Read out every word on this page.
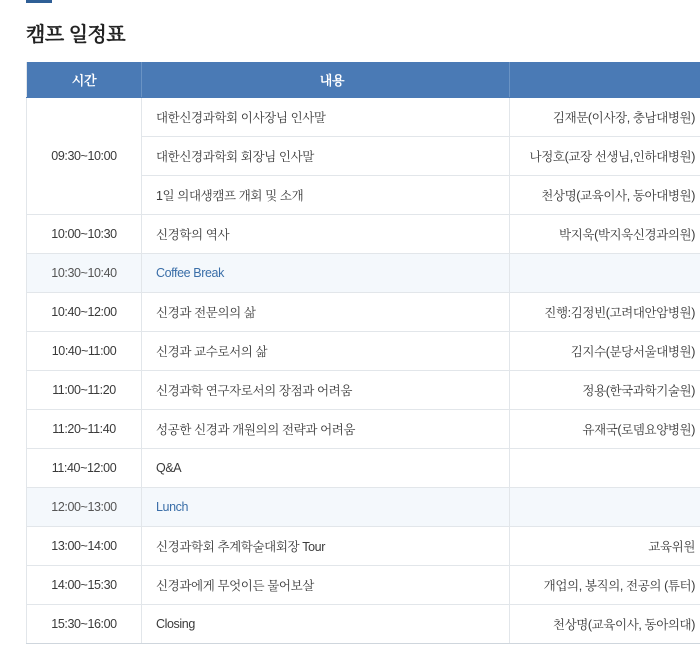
캠프 일정표
시간	내용	
09:30~10:00	대한신경과학회 이사장님 인사말	김재문(이사장, 충남대병원)
	대한신경과학회 회장님 인사말	나정호(교장 선생님,인하대병원)
	1일 의대생캠프 개회 및 소개	천상명(교육이사, 동아대병원)
10:00~10:30	신경학의 역사	박지욱(박지욱신경과의원)
10:30~10:40	Coffee Break	
10:40~12:00	신경과 전문의의 삶	진행:김정빈(고려대안암병원)
10:40~11:00	신경과 교수로서의 삶	김지수(분당서울대병원)
11:00~11:20	신경과학 연구자로서의 장점과 어려움	정용(한국과학기술원)
11:20~11:40	성공한 신경과 개원의의 전략과 어려움	유재국(로뎀요양병원)
11:40~12:00	Q&A	
12:00~13:00	Lunch	
13:00~14:00	신경과학회 추계학술대회장 Tour	교육위원
14:00~15:30	신경과에게 무엇이든 물어보살	개업의, 봉직의, 전공의 (튜터)
15:30~16:00	Closing	천상명(교육이사, 동아의대)
